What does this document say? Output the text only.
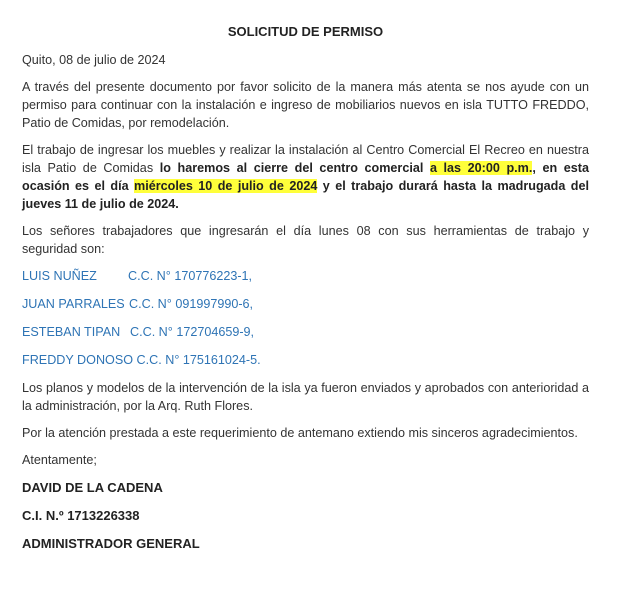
SOLICITUD DE PERMISO
Quito, 08 de julio de 2024
A través del presente documento por favor solicito de la manera más atenta se nos ayude con un permiso para continuar con la instalación e ingreso de mobiliarios nuevos en isla TUTTO FREDDO, Patio de Comidas, por remodelación.
El trabajo de ingresar los muebles y realizar la instalación al Centro Comercial El Recreo en nuestra isla Patio de Comidas lo haremos al cierre del centro comercial a las 20:00 p.m., en esta ocasión es el día miércoles 10 de julio de 2024 y el trabajo durará hasta la madrugada del jueves 11 de julio de 2024.
Los señores trabajadores que ingresarán el día lunes 08 con sus herramientas de trabajo y seguridad son:
LUIS NUÑEZ C.C. N° 170776223-1,
JUAN PARRALES C.C. N° 091997990-6,
ESTEBAN TIPAN C.C. N° 172704659-9,
FREDDY DONOSO C.C. N° 175161024-5.
Los planos y modelos de la intervención de la isla ya fueron enviados y aprobados con anterioridad a la administración, por la Arq. Ruth Flores.
Por la atención prestada a este requerimiento de antemano extiendo mis sinceros agradecimientos.
Atentamente;
DAVID DE LA CADENA
C.I. N.º 1713226338
ADMINISTRADOR GENERAL
